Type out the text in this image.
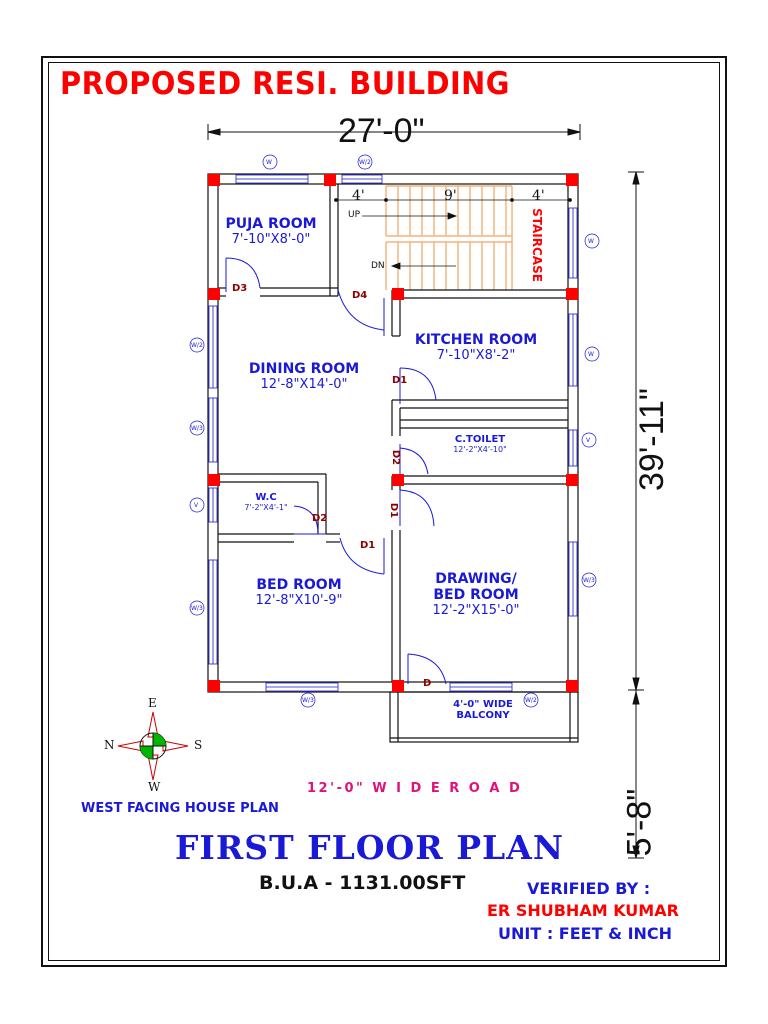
PROPOSED RESI. BUILDING
27'-0"
39'-11"
5'-8"
4'	9'	4'
UP
DN	STAIRCASE
PUJA ROOM
7'-10"X8'-0"
DINING ROOM
12'-8"X14'-0"
KITCHEN ROOM
7'-10"X8'-2"
C.TOILET
12'-2"X4'-10"
W.C
7'-2"X4'-1"
BED ROOM
12'-8"X10'-9"
DRAWING/
BED ROOM
12'-2"X15'-0"
4'-0" WIDE
BALCONY
D3
D4
D1
D2
D1
D2
D1
D
W	W/2
W
W
V
W/3
W/2
W/3
V
W/3
W/3	W/2
E
N	S
W	12'-0" W I D E R O A D
WEST FACING HOUSE PLAN
FIRST FLOOR PLAN
B.U.A - 1131.00SFT	VERIFIED BY :
ER SHUBHAM KUMAR
UNIT : FEET & INCH
